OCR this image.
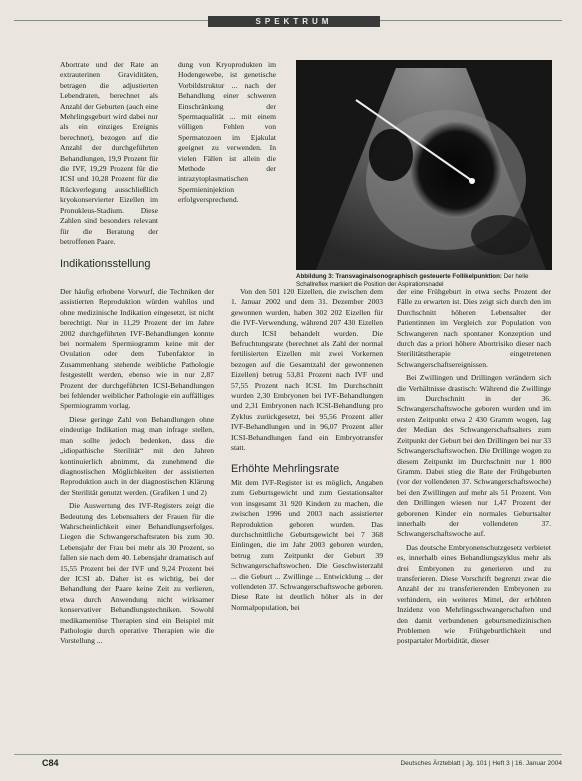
SPEKTRUM

Abortrate und der Rate an extrauterinen Graviditäten, betragen die adjustierten Lebendraten, berechnet als Anzahl der Geburten (auch eine Mehrlingsgeburt wird dabei nur als ein einziges Ereignis berechnet), bezogen auf die Anzahl der durchgeführten Behandlungen, 19,9 Prozent für die IVF, 19,29 Prozent für die ICSI und 10,28 Prozent für die Rückverlegung ausschließlich kryokonservierter Eizellen im Pronukleus-Stadium. Diese Zahlen sind besonders relevant für die Beratung der betroffenen Paare.

dung von Kryoprodukten im Hodengewebe, ist genetische Vorbildstruktur ... nach der Behandlung einer schweren Einschränkung der Spermaqualität ... mit einem völligen Fehlen von Spermatozoen im Ejakulat geeignet zu verwenden. In vielen Fällen ist allein die Methode der intrazytoplasmatischen Spermieninjektion erfolgversprechend.

Abbildung 3: Transvaginalsonographisch gesteuerte Follikelpunktion: Der helle Schallreflex markiert die Position der Aspirationsnadel
Indikationsstellung

Der häufig erhobene Vorwurf, die Techniken der assistierten Reproduktion würden wahllos und ohne medizinische Indikation eingesetzt, ist nicht berechtigt. Nur in 11,29 Prozent der im Jahre 2002 durchgeführten IVF-Behandlungen konnte bei normalem Spermiogramm keine mit der Ovulation oder dem Tubenfaktor in Zusammenhang stehende weibliche Pathologie festgestellt werden, ebenso wie in nur 2,87 Prozent der durchgeführten ICSI-Behandlungen bei fehlender weiblicher Pathologie ein auffälliges Spermiogramm vorlag.

Diese geringe Zahl von Behandlungen ohne eindeutige Indikation mag man infrage stellen, man sollte jedoch bedenken, dass die „idiopathische Sterilität“ mit den Jahren kontinuierlich abnimmt, da zunehmend die diagnostischen Möglichkeiten der assistierten Reproduktion auch in der diagnostischen Klärung der Sterilität genutzt werden. (Grafiken 1 und 2)

Die Auswertung des IVF-Registers zeigt die Bedeutung des Lebensalters der Frauen für die Wahrscheinlichkeit einer Behandlungserfolges. Liegen die Schwangerschaftsraten bis zum 30. Lebensjahr der Frau bei mehr als 30 Prozent, so fallen sie nach dem 40. Lebensjahr dramatisch auf 15,55 Prozent bei der IVF und 9,24 Prozent bei der ICSI ab. Daher ist es wichtig, bei der Behandlung der Paare keine Zeit zu verlieren, etwa durch Anwendung nicht wirksamer konservativer Behandlungstechniken. Sowohl medikamentöse Therapien sind ein Beispiel mit Pathologie durch operative Therapien wie die Vorstellung ...

Von den 501 120 Eizellen, die zwischen dem 1. Januar 2002 und dem 31. Dezember 2003 gewonnen wurden, haben 302 202 Eizellen für die IVF-Verwendung, während 207 430 Eizellen durch ICSI behandelt wurden. Die Befruchtungsrate (berechnet als Zahl der normal fertilisierten Eizellen mit zwei Vorkernen bezogen auf die Gesamtzahl der gewonnenen Eizellen) betrug 53,81 Prozent nach IVF und 57,55 Prozent nach ICSI. Im Durchschnitt wurden 2,30 Embryonen bei IVF-Behandlungen und 2,31 Embryonen nach ICSI-Behandlung pro Zyklus zurückgesetzt, bei 95,56 Prozent aller IVF-Behandlungen und in 96,07 Prozent aller ICSI-Behandlungen fand ein Embryotransfer statt.

Erhöhte Mehrlingsrate

Mit dem IVF-Register ist es möglich, Angaben zum Geburtsgewicht und zum Gestationsalter von insgesamt 31 920 Kindern zu machen, die zwischen 1996 und 2003 nach assistierter Reproduktion geboren wurden. Das durchschnittliche Geburtsgewicht bei 7 368 Einlingen, die im Jahr 2003 geboren wurden, betrug zum Zeitpunkt der Geburt 39 Schwangerschaftswochen. Die Geschwisterzahl ... die Geburt ... Zwillinge ... Entwicklung ... der vollendeten 37. Schwangerschaftswoche geboren. Diese Rate ist deutlich höher als in der Normalpopulation, bei

der eine Frühgeburt in etwa sechs Prozent der Fälle zu erwarten ist. Dies zeigt sich durch den im Durchschnitt höheren Lebensalter der Patientinnen im Vergleich zur Population von Schwangeren nach spontaner Konzeption und durch das a priori höhere Abortrisiko dieser nach Sterilitätstherapie eingetretenen Schwangerschaftsereignissen.

Bei Zwillingen und Drillingen verändern sich die Verhältnisse drastisch: Während die Zwillinge im Durchschnitt in der 36. Schwangerschaftswoche geboren wurden und im ersten Zeitpunkt etwa 2 430 Gramm wogen, lag der Median des Schwangerschaftsalters zum Zeitpunkt der Geburt bei den Drillingen bei nur 33 Schwangerschaftswochen. Die Drillinge wogen zu diesem Zeitpunkt im Durchschnitt nur 1 800 Gramm. Dabei stieg die Rate der Frühgeburten (vor der vollendeten 37. Schwangerschaftswoche) bei den Zwillingen auf mehr als 51 Prozent. Von den Drillingen wiesen nur 1,47 Prozent der geborenen Kinder ein normales Geburtsalter innerhalb der vollendeten 37. Schwangerschaftswoche auf.

Das deutsche Embryonenschutzgesetz verbietet es, innerhalb eines Behandlungszyklus mehr als drei Embryonen zu generieren und zu transferieren. Diese Vorschrift begrenzt zwar die Anzahl der zu transferierenden Embryonen zu verhindern, ein weiteres Mittel, der erhöhten Inzidenz von Mehrlingsschwangerschaften und den damit verbundenen geburtsmedizinischen Problemen wie Frühgeburtlichkeit und postpartaler Morbidität, dieser

C84	Deutsches Ärzteblatt | Jg. 101 | Heft 3 | 16. Januar 2004
